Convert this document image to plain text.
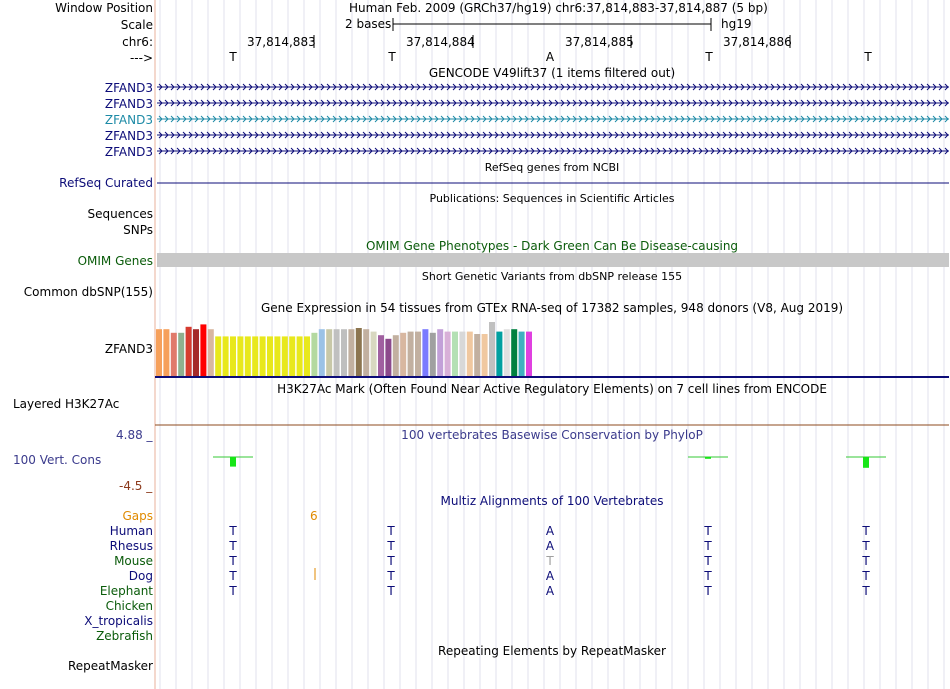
Window Position	Human Feb. 2009 (GRCh37/hg19) chr6:37,814,883-37,814,887 (5 bp)
Scale	2 bases	hg19
chr6:	37,814,883	37,814,884	37,814,885	37,814,886
--->	T	T	A	T	T
GENCODE V49lift37 (1 items filtered out)
ZFAND3
ZFAND3
ZFAND3
ZFAND3
ZFAND3
RefSeq genes from NCBI
RefSeq Curated
Publications: Sequences in Scientific Articles
Sequences
SNPs
OMIM Gene Phenotypes - Dark Green Can Be Disease-causing
OMIM Genes
Short Genetic Variants from dbSNP release 155
Common dbSNP(155)
Gene Expression in 54 tissues from GTEx RNA-seq of 17382 samples, 948 donors (V8, Aug 2019)
ZFAND3
H3K27Ac Mark (Often Found Near Active Regulatory Elements) on 7 cell lines from ENCODE
Layered H3K27Ac
100 vertebrates Basewise Conservation by PhyloP
4.88 _
100 Vert. Cons
-4.5 _
Multiz Alignments of 100 Vertebrates
Gaps	6
Human	T	T	A	T	T
Rhesus	T	T	A	T	T
Mouse	T	T	T	T	T
Dog	T	T	A	T	T
Elephant	T	T	A	T	T
Chicken
X_tropicalis
Zebrafish
Repeating Elements by RepeatMasker
RepeatMasker
